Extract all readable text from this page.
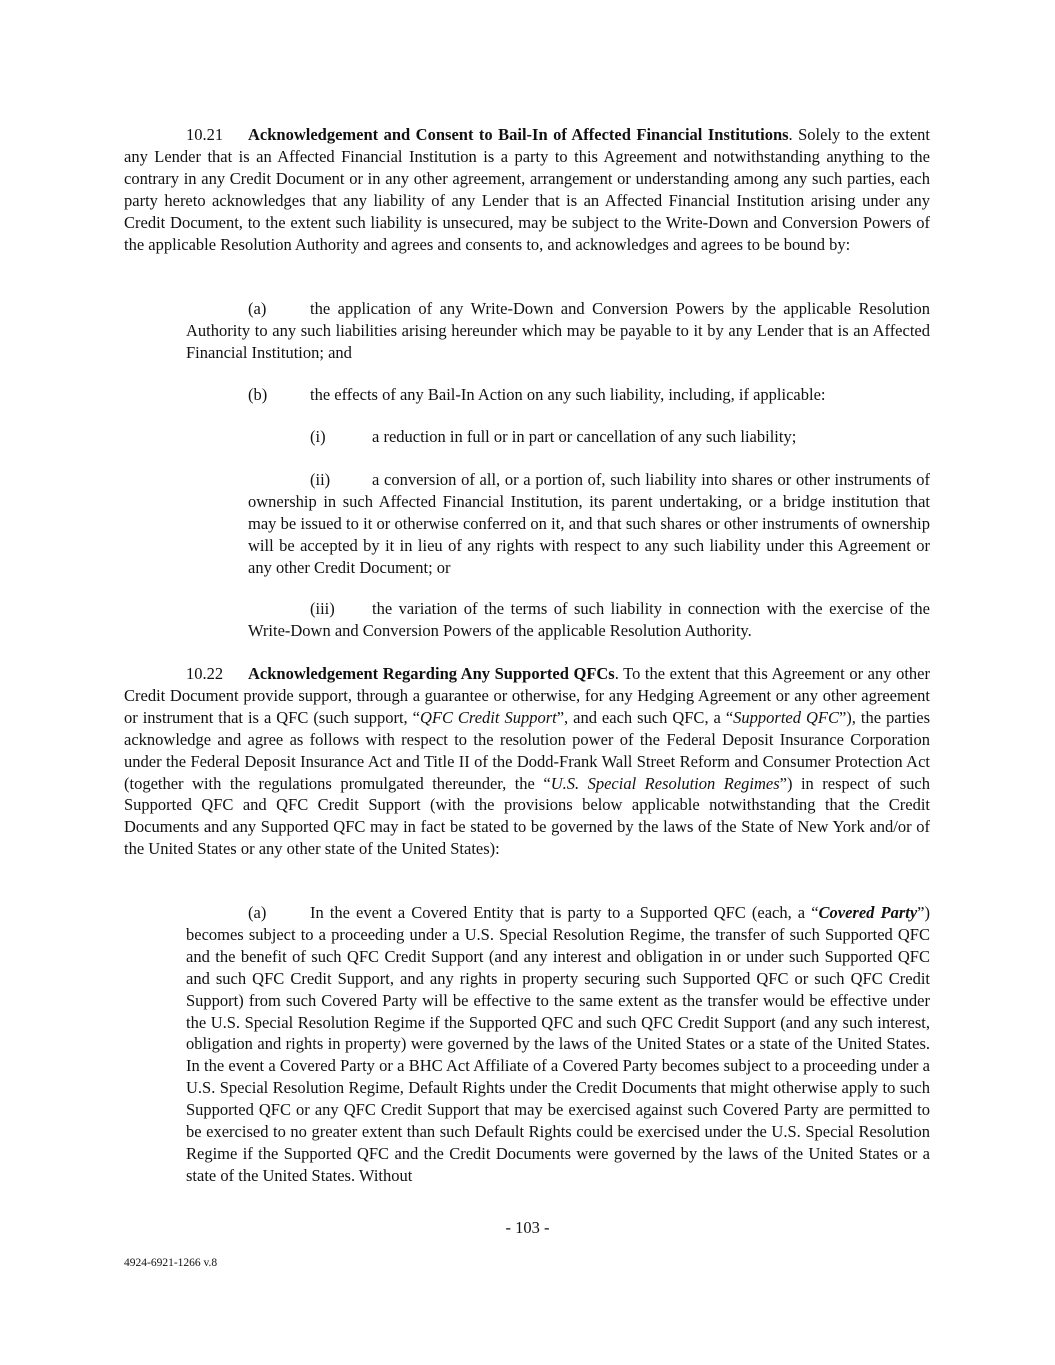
10.21 Acknowledgement and Consent to Bail-In of Affected Financial Institutions. Solely to the extent any Lender that is an Affected Financial Institution is a party to this Agreement and notwithstanding anything to the contrary in any Credit Document or in any other agreement, arrangement or understanding among any such parties, each party hereto acknowledges that any liability of any Lender that is an Affected Financial Institution arising under any Credit Document, to the extent such liability is unsecured, may be subject to the Write-Down and Conversion Powers of the applicable Resolution Authority and agrees and consents to, and acknowledges and agrees to be bound by:

(a)	the application of any Write-Down and Conversion Powers by the applicable Resolution Authority to any such liabilities arising hereunder which may be payable to it by any Lender that is an Affected Financial Institution; and

(b)	the effects of any Bail-In Action on any such liability, including, if applicable:

(i)	a reduction in full or in part or cancellation of any such liability;

(ii)	a conversion of all, or a portion of, such liability into shares or other instruments of ownership in such Affected Financial Institution, its parent undertaking, or a bridge institution that may be issued to it or otherwise conferred on it, and that such shares or other instruments of ownership will be accepted by it in lieu of any rights with respect to any such liability under this Agreement or any other Credit Document; or

(iii) the variation of the terms of such liability in connection with the exercise of the Write-Down and Conversion Powers of the applicable Resolution Authority.

10.22 Acknowledgement Regarding Any Supported QFCs. To the extent that this Agreement or any other Credit Document provide support, through a guarantee or otherwise, for any Hedging Agreement or any other agreement or instrument that is a QFC (such support, “QFC Credit Support”, and each such QFC, a “Supported QFC”), the parties acknowledge and agree as follows with respect to the resolution power of the Federal Deposit Insurance Corporation under the Federal Deposit Insurance Act and Title II of the Dodd-Frank Wall Street Reform and Consumer Protection Act (together with the regulations promulgated thereunder, the “U.S. Special Resolution Regimes”) in respect of such Supported QFC and QFC Credit Support (with the provisions below applicable notwithstanding that the Credit Documents and any Supported QFC may in fact be stated to be governed by the laws of the State of New York and/or of the United States or any other state of the United States):

(a)	In the event a Covered Entity that is party to a Supported QFC (each, a “Covered Party”) becomes subject to a proceeding under a U.S. Special Resolution Regime, the transfer of such Supported QFC and the benefit of such QFC Credit Support (and any interest and obligation in or under such Supported QFC and such QFC Credit Support, and any rights in property securing such Supported QFC or such QFC Credit Support) from such Covered Party will be effective to the same extent as the transfer would be effective under the U.S. Special Resolution Regime if the Supported QFC and such QFC Credit Support (and any such interest, obligation and rights in property) were governed by the laws of the United States or a state of the United States. In the event a Covered Party or a BHC Act Affiliate of a Covered Party becomes subject to a proceeding under a U.S. Special Resolution Regime, Default Rights under the Credit Documents that might otherwise apply to such Supported QFC or any QFC Credit Support that may be exercised against such Covered Party are permitted to be exercised to no greater extent than such Default Rights could be exercised under the U.S. Special Resolution Regime if the Supported QFC and the Credit Documents were governed by the laws of the United States or a state of the United States. Without

- 103 -
4924-6921-1266 v.8
